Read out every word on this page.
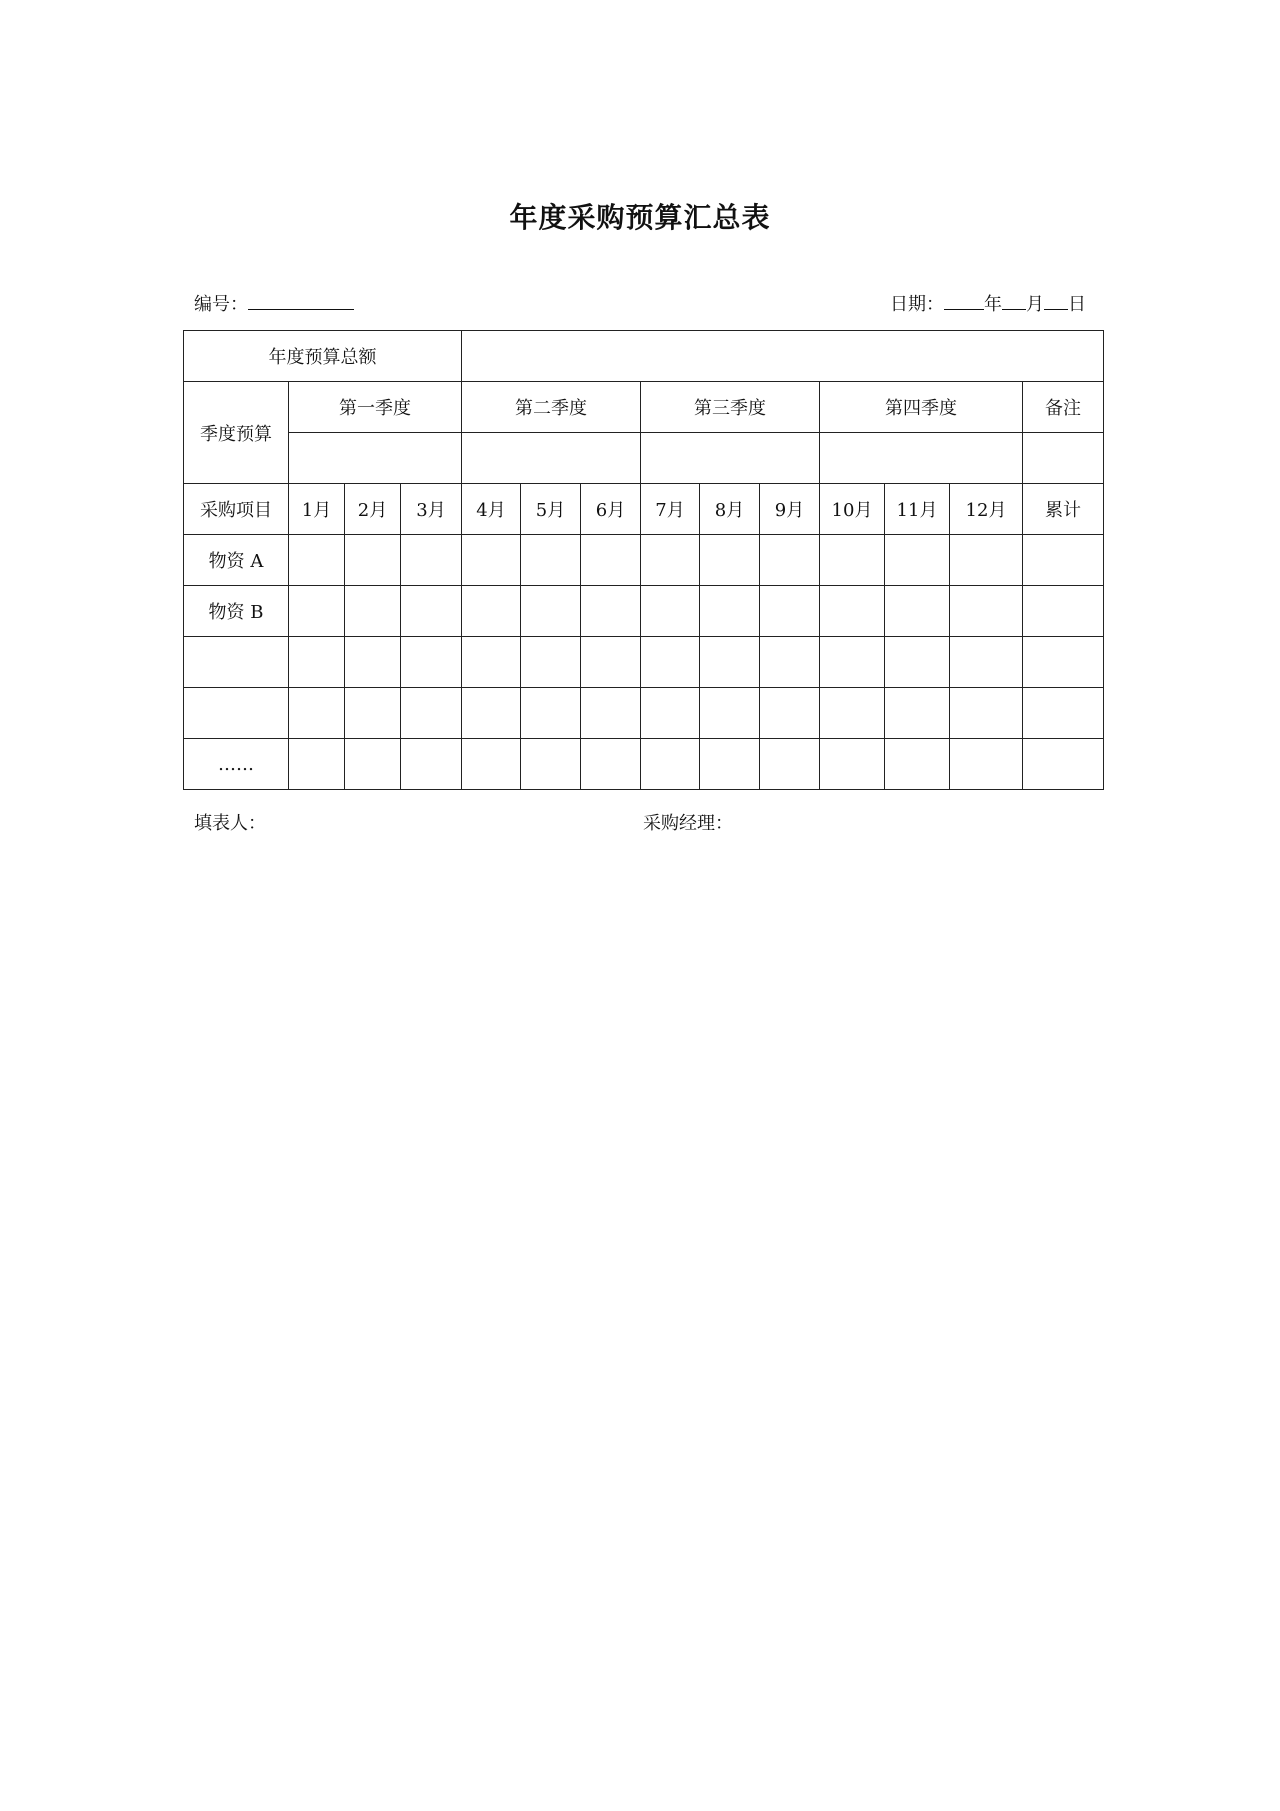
年度采购预算汇总表
编号：	日期： 年 月 日
年度预算总额													
季度预算	第一季度			第二季度			第三季度			第四季度			备注

采购项目	1月	2月	3月	4月	5月	6月	7月	8月	9月	10月	11月	12月	累计
物资 A													
物资 B													

……													
填表人：	采购经理：
